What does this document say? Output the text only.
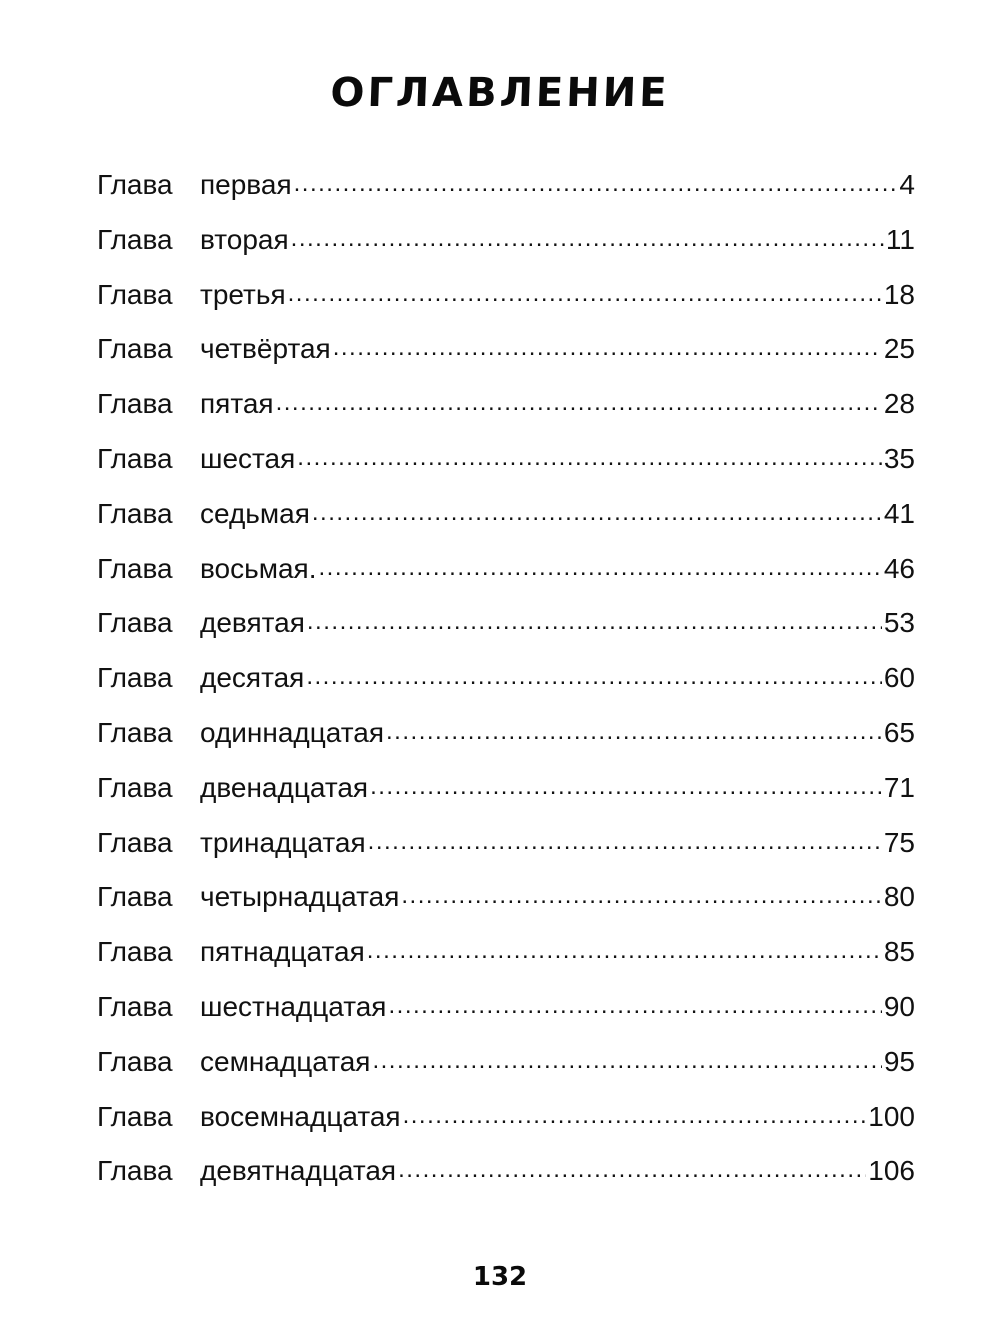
ОГЛАВЛЕНИЕ
Глава первая .....	4
Глава вторая .....	11
Глава третья .....	18
Глава четвёртая .....	25
Глава пятая .....	28
Глава шестая .....	35
Глава седьмая .....	41
Глава восьмая. .....	46
Глава девятая .....	53
Глава десятая .....	60
Глава одиннадцатая .....	65
Глава двенадцатая .....	71
Глава тринадцатая .....	75
Глава четырнадцатая .....	80
Глава пятнадцатая .....	85
Глава шестнадцатая .....	90
Глава семнадцатая .....	95
Глава восемнадцатая .....	100
Глава девятнадцатая .....	106
132
